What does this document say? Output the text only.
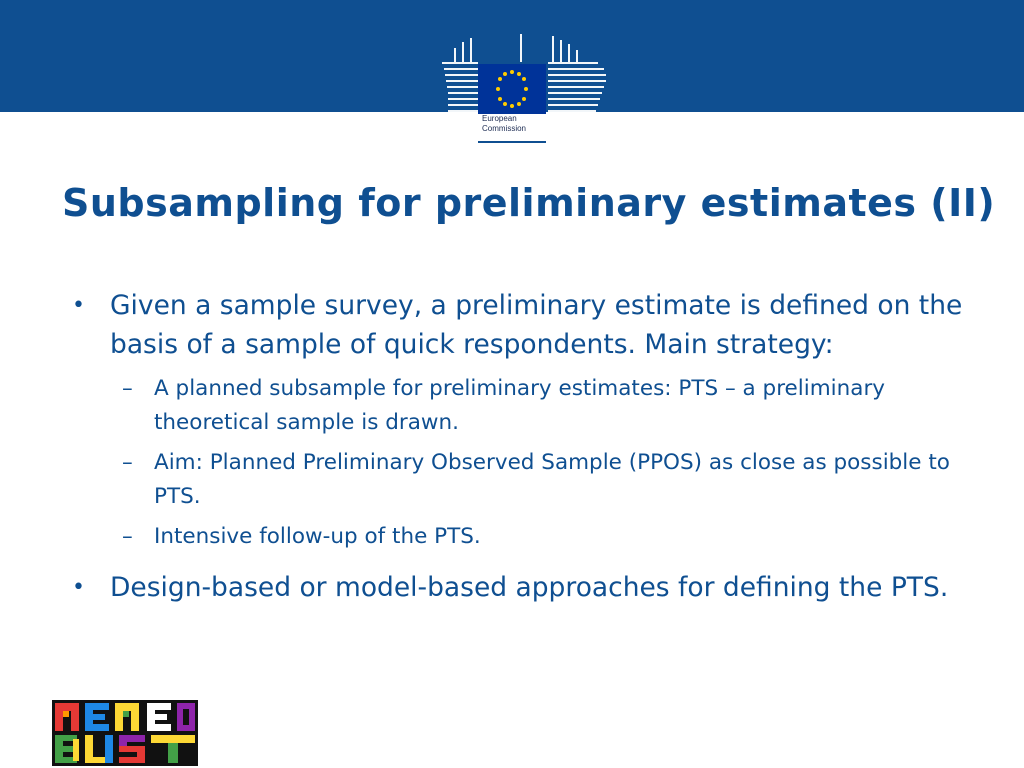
European
Commission
Subsampling for preliminary estimates (II)
• Given a sample survey, a preliminary estimate is defined on the basis of a sample of quick respondents. Main strategy:
– A planned subsample for preliminary estimates: PTS – a preliminary theoretical sample is drawn.
– Aim: Planned Preliminary Observed Sample (PPOS) as close as possible to PTS.
– Intensive follow-up of the PTS.
• Design-based or model-based approaches for defining the PTS.
